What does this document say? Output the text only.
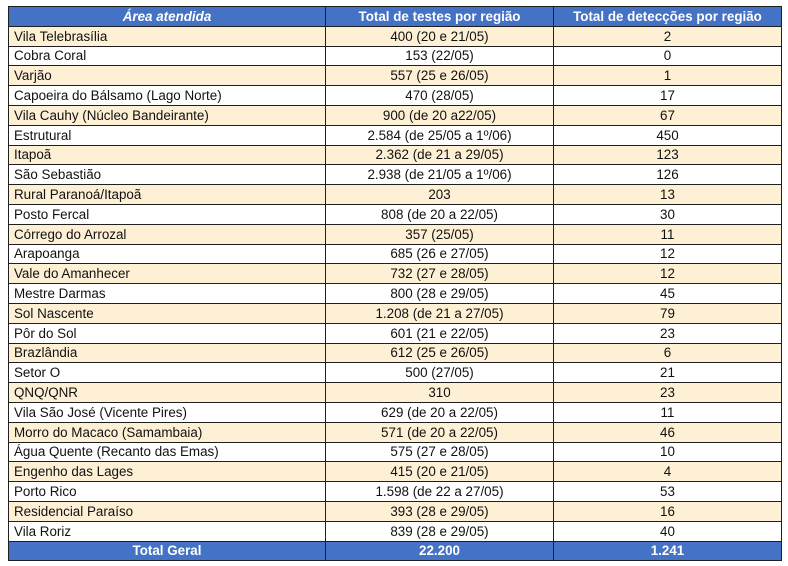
Área atendida	Total de testes por região	Total de detecções por região
Vila Telebrasília	400 (20 e 21/05)	2
Cobra Coral	153 (22/05)	0
Varjão	557 (25 e 26/05)	1
Capoeira do Bálsamo (Lago Norte)	470 (28/05)	17
Vila Cauhy (Núcleo Bandeirante)	900 (de 20 a22/05)	67
Estrutural	2.584 (de 25/05 a 1º/06)	450
Itapoã	2.362 (de 21 a 29/05)	123
São Sebastião	2.938 (de 21/05 a 1º/06)	126
Rural Paranoá/Itapoã	203	13
Posto Fercal	808 (de 20 a 22/05)	30
Córrego do Arrozal	357 (25/05)	11
Arapoanga	685 (26 e 27/05)	12
Vale do Amanhecer	732 (27 e 28/05)	12
Mestre Darmas	800 (28 e 29/05)	45
Sol Nascente	1.208 (de 21 a 27/05)	79
Pôr do Sol	601 (21 e 22/05)	23
Brazlândia	612 (25 e 26/05)	6
Setor O	500 (27/05)	21
QNQ/QNR	310	23
Vila São José (Vicente Pires)	629 (de 20 a 22/05)	11
Morro do Macaco (Samambaia)	571 (de 20 a 22/05)	46
Água Quente (Recanto das Emas)	575 (27 e 28/05)	10
Engenho das Lages	415 (20 e 21/05)	4
Porto Rico	1.598 (de 22 a 27/05)	53
Residencial Paraíso	393 (28 e 29/05)	16
Vila Roriz	839 (28 e 29/05)	40
Total Geral	22.200	1.241
